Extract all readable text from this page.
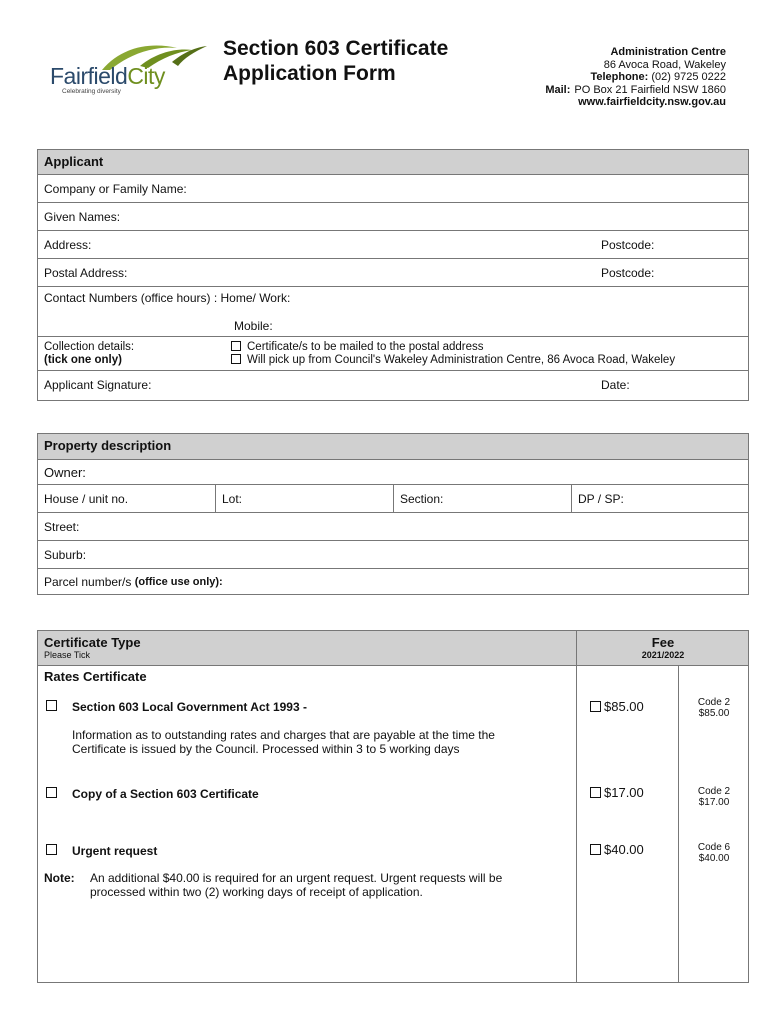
FairfieldCity
Celebrating diversity
Section 603 Certificate
Application Form
Administration Centre
86 Avoca Road, Wakeley
Telephone: (02) 9725 0222
Mail: PO Box 21 Fairfield NSW 1860
www.fairfieldcity.nsw.gov.au
Applicant
Company or Family Name:
Given Names:
Address:	Postcode:
Postal Address:	Postcode:
Contact Numbers (office hours) : Home/ Work:
Mobile:
Collection details:
(tick one only)
Certificate/s to be mailed to the postal address
Will pick up from Council's Wakeley Administration Centre, 86 Avoca Road, Wakeley
Applicant Signature:	Date:
Property description
Owner:
House / unit no.	Lot:	Section:	DP / SP:
Street:
Suburb:
Parcel number/s (office use only):
Certificate Type
Please Tick
Fee
2021/2022
Rates Certificate
Section 603 Local Government Act 1993 -
Information as to outstanding rates and charges that are payable at the time the
Certificate is issued by the Council. Processed within 3 to 5 working days
$85.00	Code 2
$85.00
Copy of a Section 603 Certificate	$17.00	Code 2
$17.00
Urgent request	$40.00	Code 6
$40.00
Note: An additional $40.00 is required for an urgent request. Urgent requests will be
processed within two (2) working days of receipt of application.
